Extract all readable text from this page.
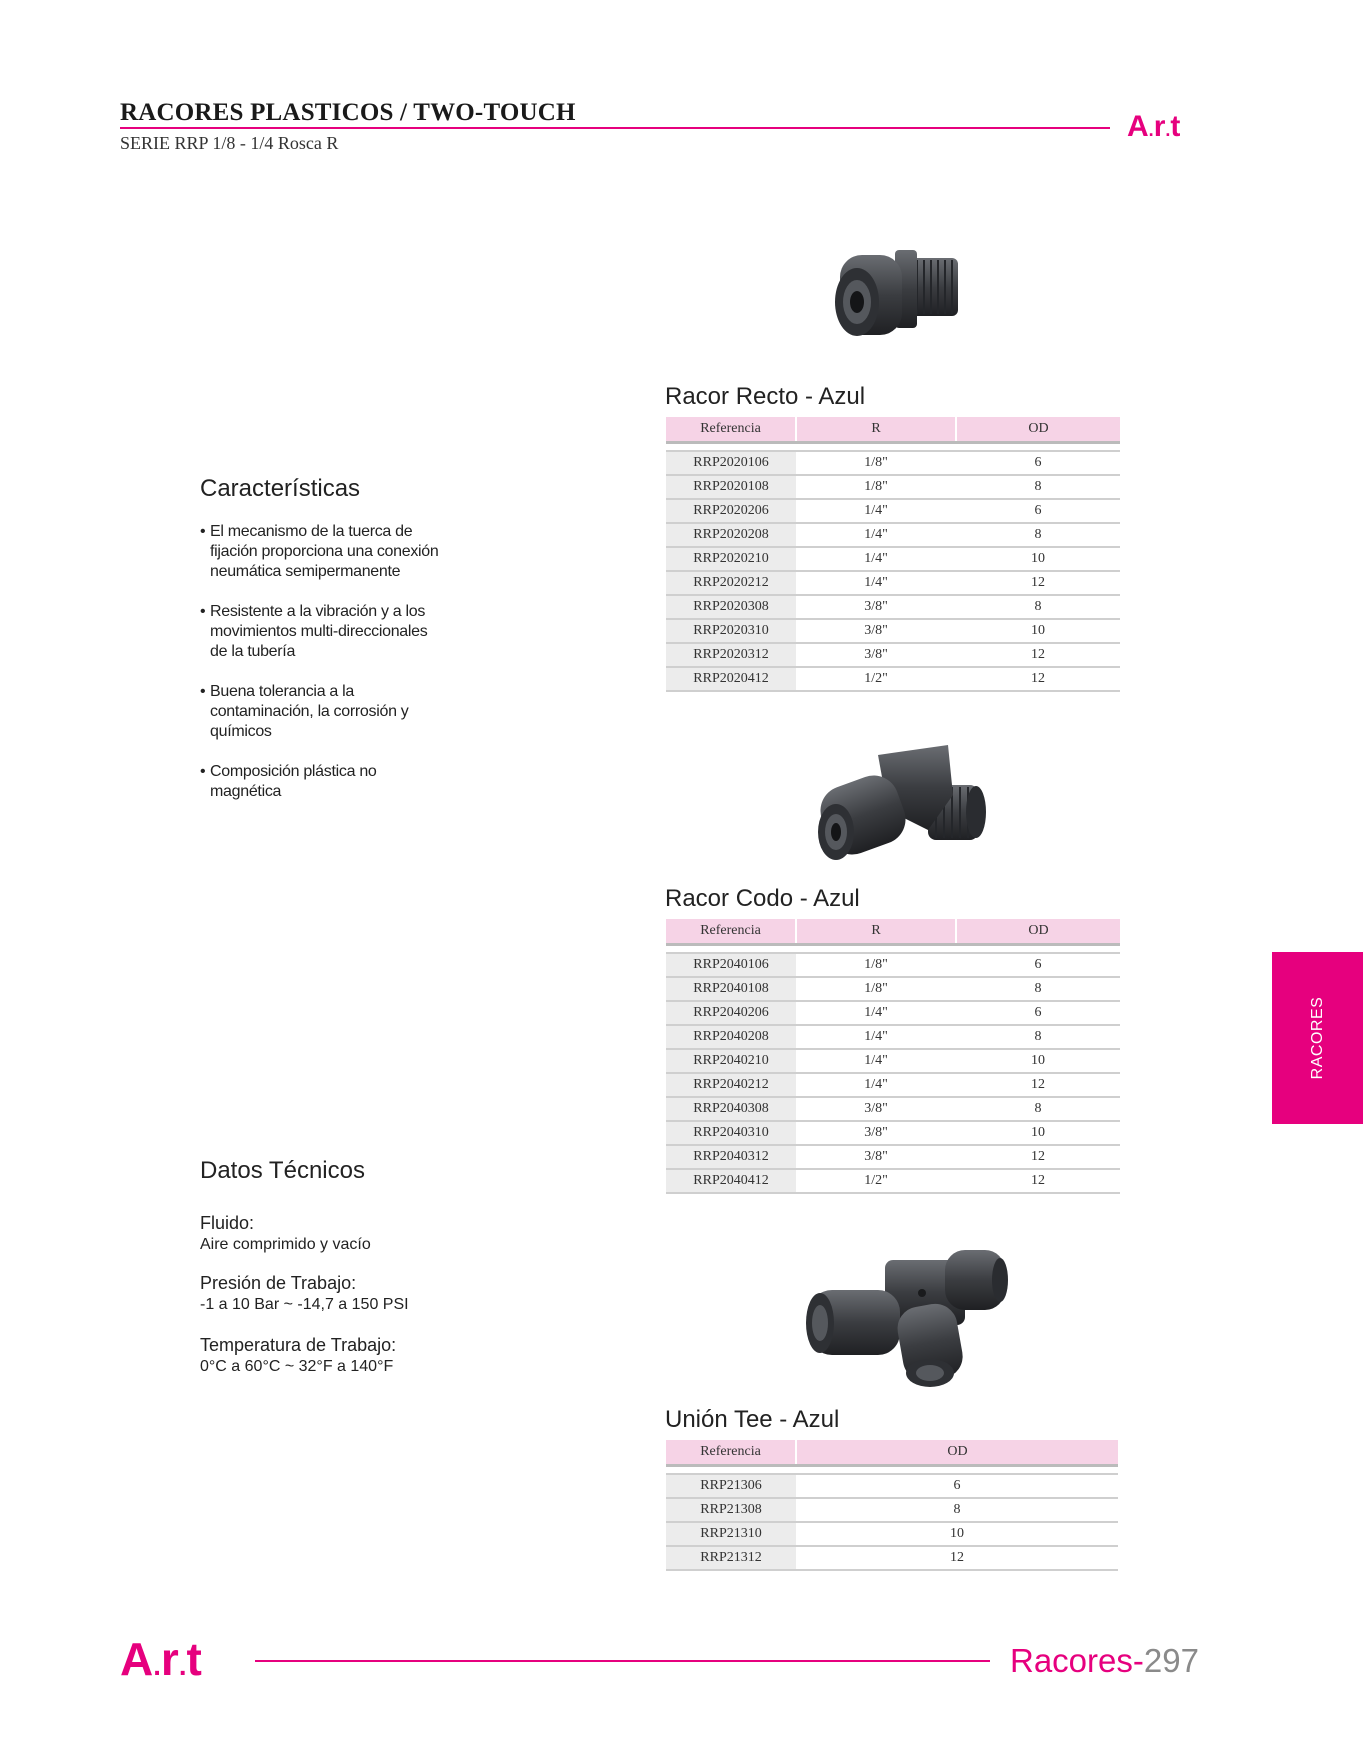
RACORES PLASTICOS / TWO-TOUCH
SERIE RRP 1/8 - 1/4 Rosca R	A . r . t
Características
• El mecanismo de la tuerca de fijación proporciona una conexión neumática semipermanente
• Resistente a la vibración y a los movimientos multi-direccionales de la tubería
• Buena tolerancia a la contaminación, la corrosión y químicos
• Composición plástica no magnética
Datos Técnicos
Fluido:
Aire comprimido y vacío
Presión de Trabajo:
-1 a 10 Bar ~ -14,7 a 150 PSI
Temperatura de Trabajo:
0°C a 60°C ~ 32°F a 140°F
Racor Recto - Azul
Referencia	R	OD

RRP2020106	1/8"	6
RRP2020108	1/8"	8
RRP2020206	1/4"	6
RRP2020208	1/4"	8
RRP2020210	1/4"	10
RRP2020212	1/4"	12
RRP2020308	3/8"	8
RRP2020310	3/8"	10
RRP2020312	3/8"	12
RRP2020412	1/2"	12
Racor Codo - Azul
Referencia	R	OD

RRP2040106	1/8"	6
RRP2040108	1/8"	8
RRP2040206	1/4"	6
RRP2040208	1/4"	8
RRP2040210	1/4"	10
RRP2040212	1/4"	12
RRP2040308	3/8"	8
RRP2040310	3/8"	10
RRP2040312	3/8"	12
RRP2040412	1/2"	12
Unión Tee - Azul
Referencia	OD

RRP21306	6
RRP21308	8
RRP21310	10
RRP21312	12
RACORES
A . r . t	Racores-297
